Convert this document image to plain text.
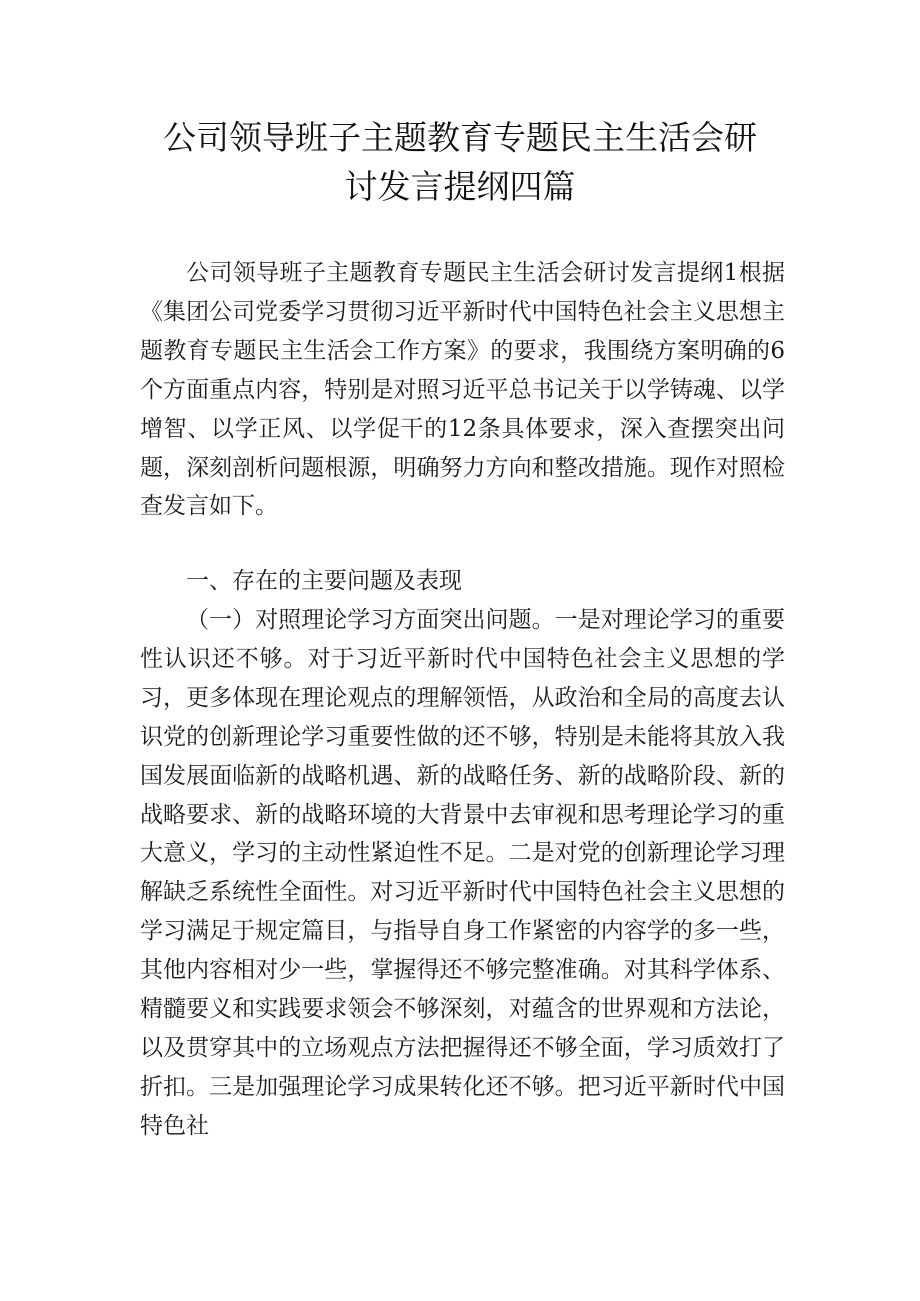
公司领导班子主题教育专题民主生活会研
讨发言提纲四篇

公司领导班子主题教育专题民主生活会研讨发言提纲1根据《集团公司党委学习贯彻习近平新时代中国特色社会主义思想主题教育专题民主生活会工作方案》的要求，我围绕方案明确的6个方面重点内容，特别是对照习近平总书记关于以学铸魂、以学增智、以学正风、以学促干的12条具体要求，深入查摆突出问题，深刻剖析问题根源，明确努力方向和整改措施。现作对照检查发言如下。

一、存在的主要问题及表现

（一）对照理论学习方面突出问题。一是对理论学习的重要性认识还不够。对于习近平新时代中国特色社会主义思想的学习，更多体现在理论观点的理解领悟，从政治和全局的高度去认识党的创新理论学习重要性做的还不够，特别是未能将其放入我国发展面临新的战略机遇、新的战略任务、新的战略阶段、新的战略要求、新的战略环境的大背景中去审视和思考理论学习的重大意义，学习的主动性紧迫性不足。二是对党的创新理论学习理解缺乏系统性全面性。对习近平新时代中国特色社会主义思想的学习满足于规定篇目，与指导自身工作紧密的内容学的多一些，其他内容相对少一些，掌握得还不够完整准确。对其科学体系、精髓要义和实践要求领会不够深刻，对蕴含的世界观和方法论，以及贯穿其中的立场观点方法把握得还不够全面，学习质效打了折扣。三是加强理论学习成果转化还不够。把习近平新时代中国特色社
